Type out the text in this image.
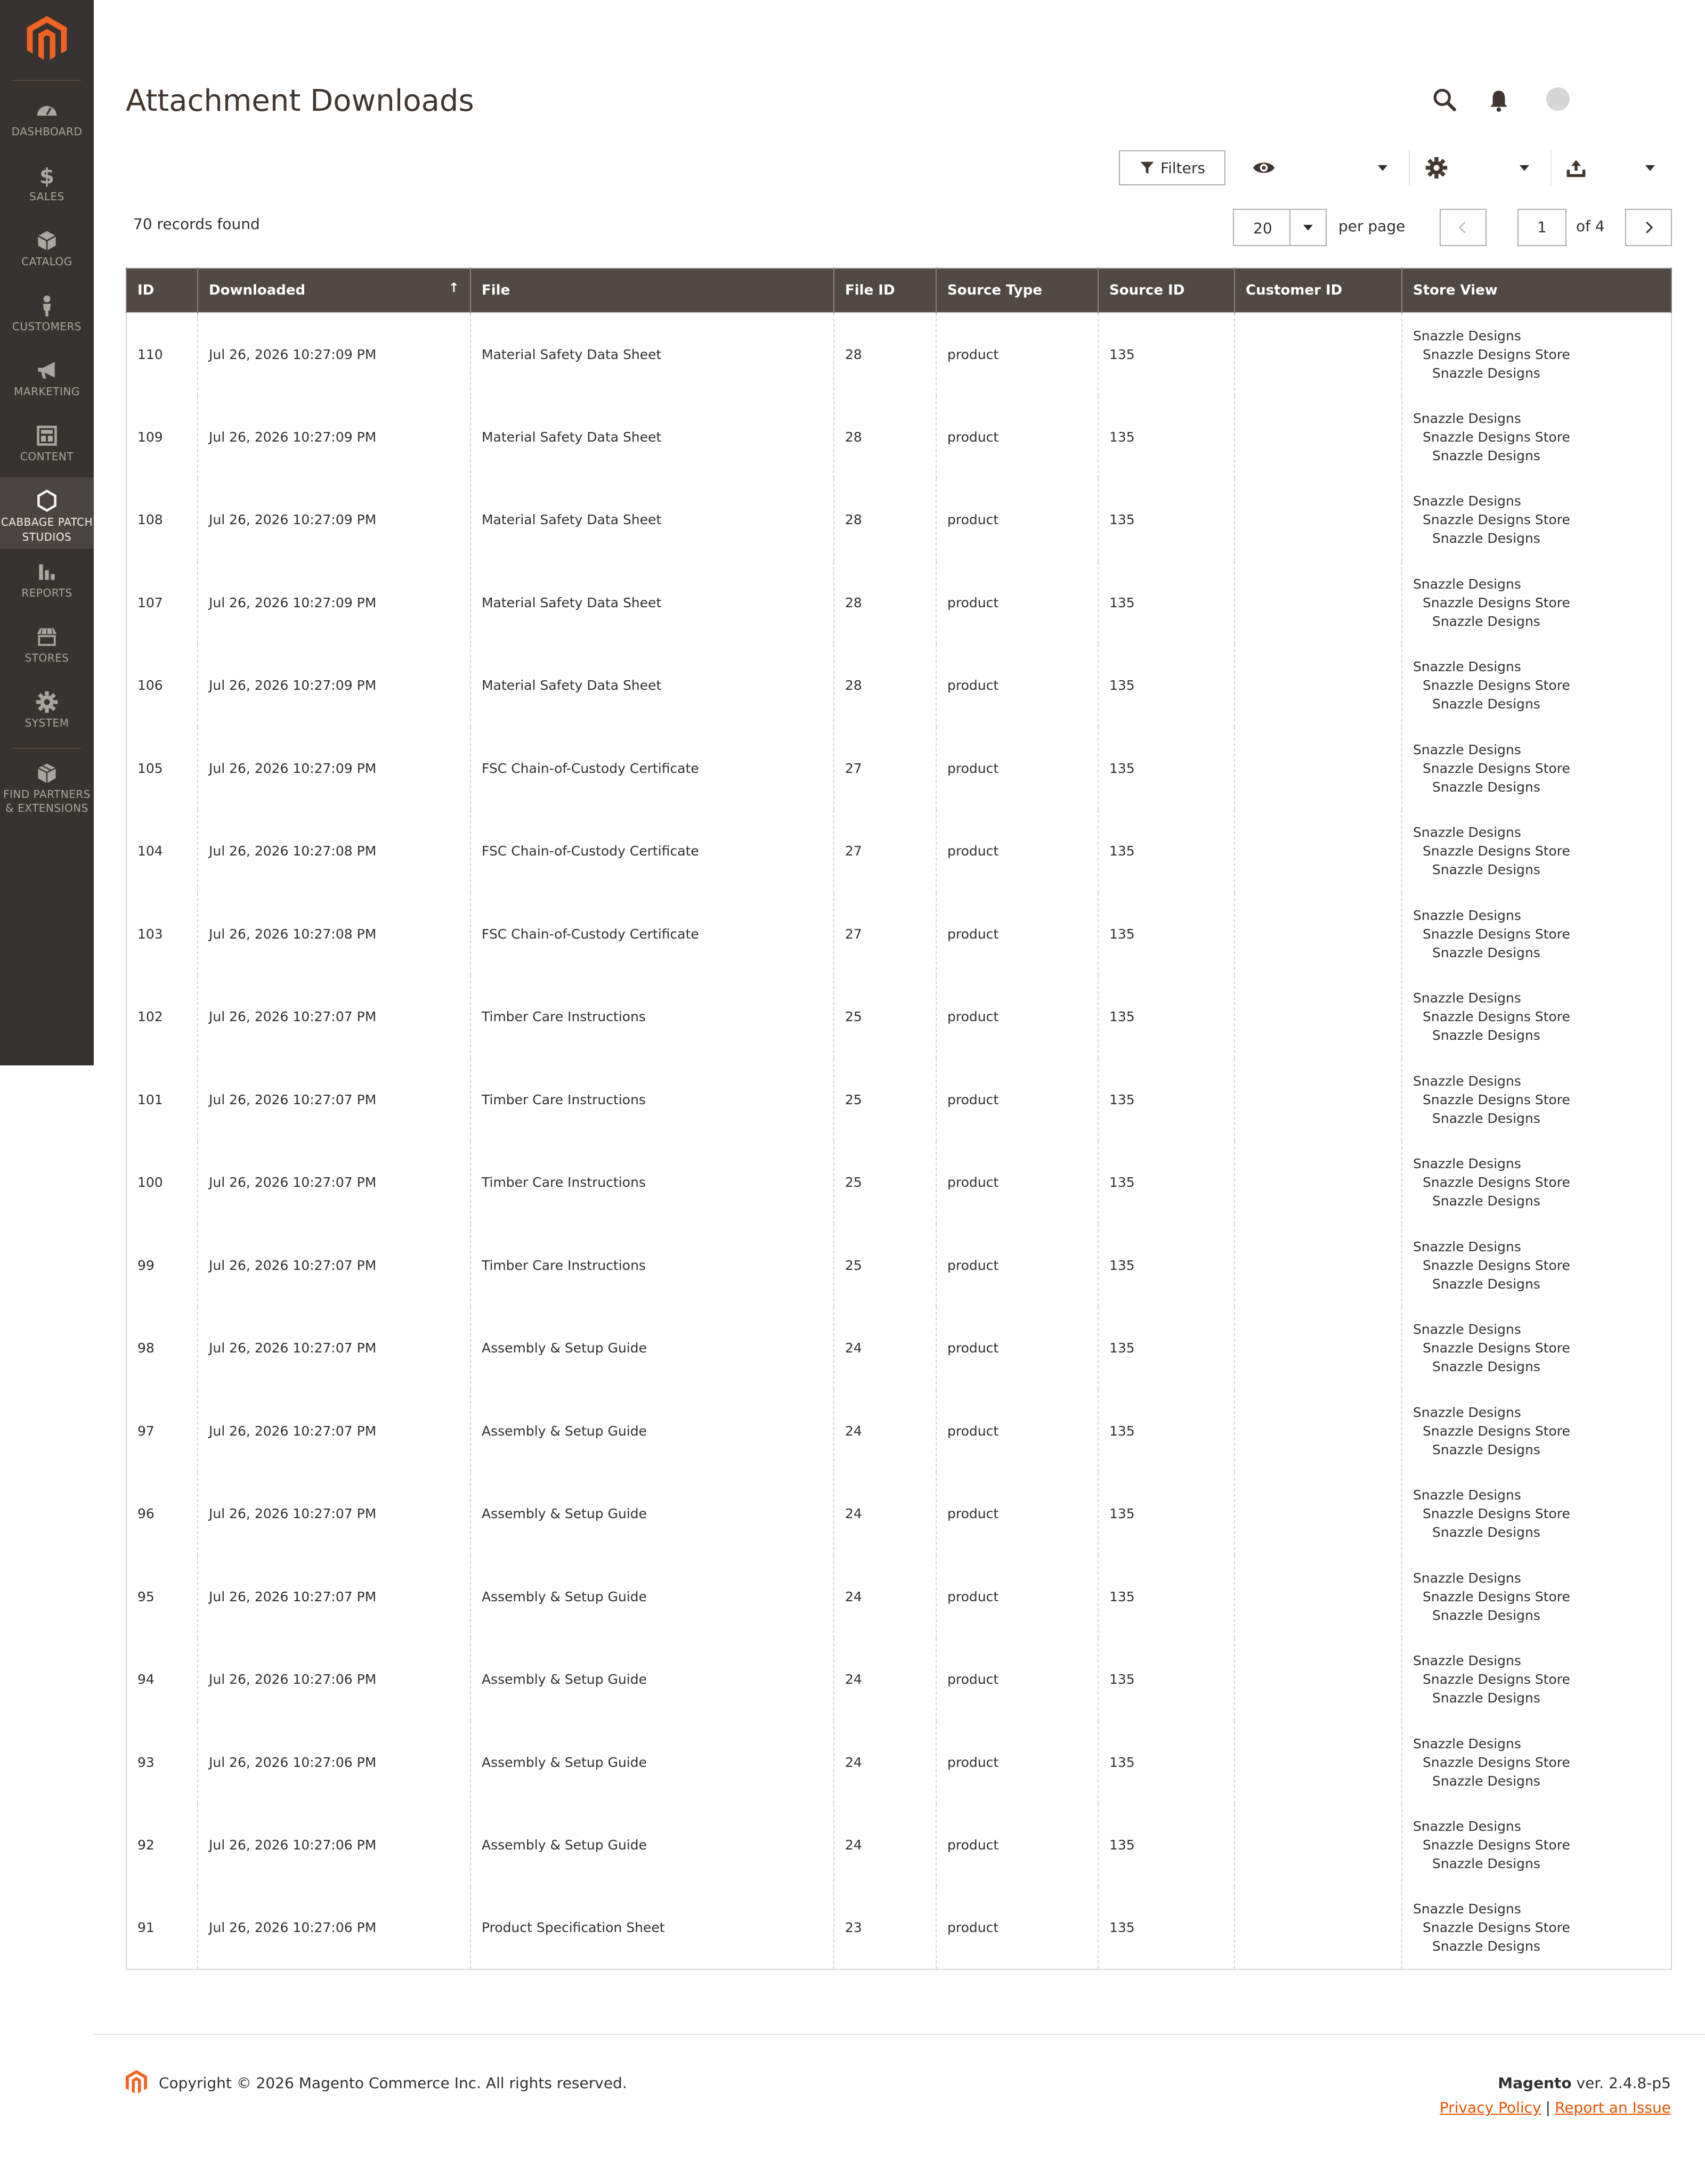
DASHBOARD
$
SALES
CATALOG
CUSTOMERS
MARKETING
CONTENT
CABBAGE PATCH STUDIOS
REPORTS
STORES
SYSTEM
FIND PARTNERS & EXTENSIONS
Attachment Downloads
Filters
70 records found	20	per page	1	of 4
ID	Downloaded ↑	File	File ID	Source Type	Source ID	Customer ID	Store View
110	Jul 26, 2026 10:27:09 PM	Material Safety Data Sheet	28	product	135		Snazzle Designs
Snazzle Designs Store
Snazzle Designs

109	Jul 26, 2026 10:27:09 PM	Material Safety Data Sheet	28	product	135		Snazzle Designs
Snazzle Designs Store
Snazzle Designs

108	Jul 26, 2026 10:27:09 PM	Material Safety Data Sheet	28	product	135		Snazzle Designs
Snazzle Designs Store
Snazzle Designs

107	Jul 26, 2026 10:27:09 PM	Material Safety Data Sheet	28	product	135		Snazzle Designs
Snazzle Designs Store
Snazzle Designs

106	Jul 26, 2026 10:27:09 PM	Material Safety Data Sheet	28	product	135		Snazzle Designs
Snazzle Designs Store
Snazzle Designs

105	Jul 26, 2026 10:27:09 PM	FSC Chain-of-Custody Certificate	27	product	135		Snazzle Designs
Snazzle Designs Store
Snazzle Designs

104	Jul 26, 2026 10:27:08 PM	FSC Chain-of-Custody Certificate	27	product	135		Snazzle Designs
Snazzle Designs Store
Snazzle Designs

103	Jul 26, 2026 10:27:08 PM	FSC Chain-of-Custody Certificate	27	product	135		Snazzle Designs
Snazzle Designs Store
Snazzle Designs

102	Jul 26, 2026 10:27:07 PM	Timber Care Instructions	25	product	135		Snazzle Designs
Snazzle Designs Store
Snazzle Designs

101	Jul 26, 2026 10:27:07 PM	Timber Care Instructions	25	product	135		Snazzle Designs
Snazzle Designs Store
Snazzle Designs

100	Jul 26, 2026 10:27:07 PM	Timber Care Instructions	25	product	135		Snazzle Designs
Snazzle Designs Store
Snazzle Designs

99	Jul 26, 2026 10:27:07 PM	Timber Care Instructions	25	product	135		Snazzle Designs
Snazzle Designs Store
Snazzle Designs

98	Jul 26, 2026 10:27:07 PM	Assembly & Setup Guide	24	product	135		Snazzle Designs
Snazzle Designs Store
Snazzle Designs

97	Jul 26, 2026 10:27:07 PM	Assembly & Setup Guide	24	product	135		Snazzle Designs
Snazzle Designs Store
Snazzle Designs

96	Jul 26, 2026 10:27:07 PM	Assembly & Setup Guide	24	product	135		Snazzle Designs
Snazzle Designs Store
Snazzle Designs

95	Jul 26, 2026 10:27:07 PM	Assembly & Setup Guide	24	product	135		Snazzle Designs
Snazzle Designs Store
Snazzle Designs

94	Jul 26, 2026 10:27:06 PM	Assembly & Setup Guide	24	product	135		Snazzle Designs
Snazzle Designs Store
Snazzle Designs

93	Jul 26, 2026 10:27:06 PM	Assembly & Setup Guide	24	product	135		Snazzle Designs
Snazzle Designs Store
Snazzle Designs

92	Jul 26, 2026 10:27:06 PM	Assembly & Setup Guide	24	product	135		Snazzle Designs
Snazzle Designs Store
Snazzle Designs

91	Jul 26, 2026 10:27:06 PM	Product Specification Sheet	23	product	135		Snazzle Designs
Snazzle Designs Store
Snazzle Designs
Copyright © 2026 Magento Commerce Inc. All rights reserved.	Magento ver. 2.4.8-p5
Privacy Policy | Report an Issue
